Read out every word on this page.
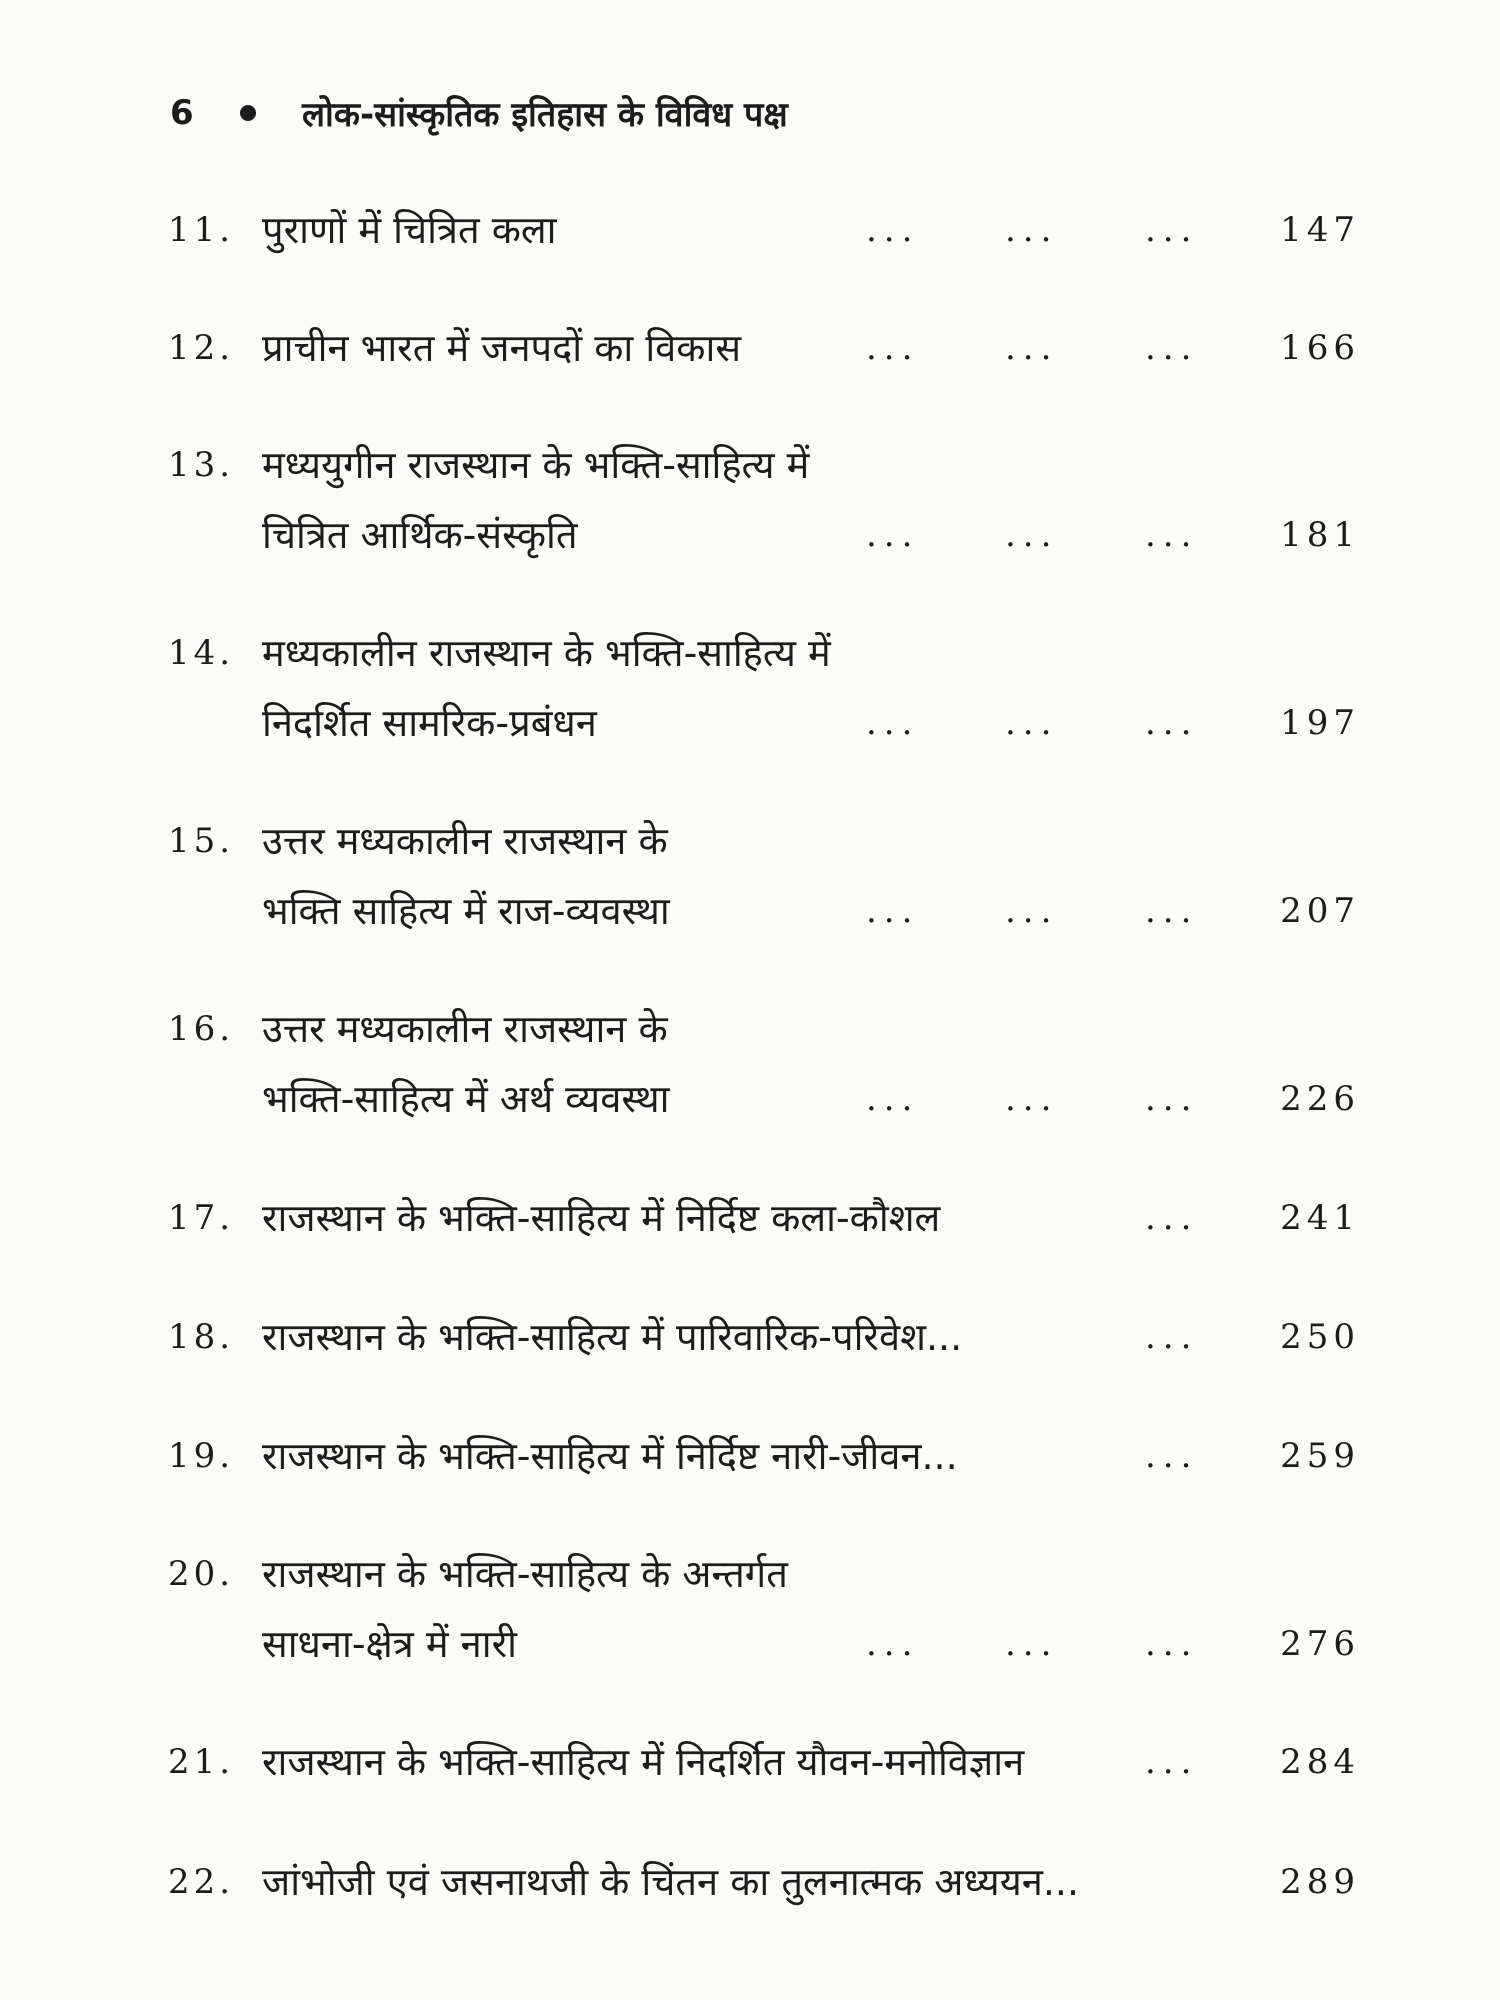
6	लोक-सांस्कृतिक इतिहास के विविध पक्ष
11. पुराणों में चित्रित कला	...	...	...	147
12. प्राचीन भारत में जनपदों का विकास	...	...	...	166
13. मध्ययुगीन राजस्थान के भक्ति-साहित्य में
चित्रित आर्थिक-संस्कृति	...	...	...	181
14. मध्यकालीन राजस्थान के भक्ति-साहित्य में
निदर्शित सामरिक-प्रबंधन	...	...	...	197
15. उत्तर मध्यकालीन राजस्थान के
भक्ति साहित्य में राज-व्यवस्था	...	...	...	207
16. उत्तर मध्यकालीन राजस्थान के
भक्ति-साहित्य में अर्थ व्यवस्था	...	...	...	226
17. राजस्थान के भक्ति-साहित्य में निर्दिष्ट कला-कौशल	...	241
18. राजस्थान के भक्ति-साहित्य में पारिवारिक-परिवेश...	...	250
19. राजस्थान के भक्ति-साहित्य में निर्दिष्ट नारी-जीवन...	...	259
20. राजस्थान के भक्ति-साहित्य के अन्तर्गत
साधना-क्षेत्र में नारी	...	...	...	276
21. राजस्थान के भक्ति-साहित्य में निदर्शित यौवन-मनोविज्ञान	...	284
22. जांभोजी एवं जसनाथजी के चिंतन का तुलनात्मक अध्ययन...	289
